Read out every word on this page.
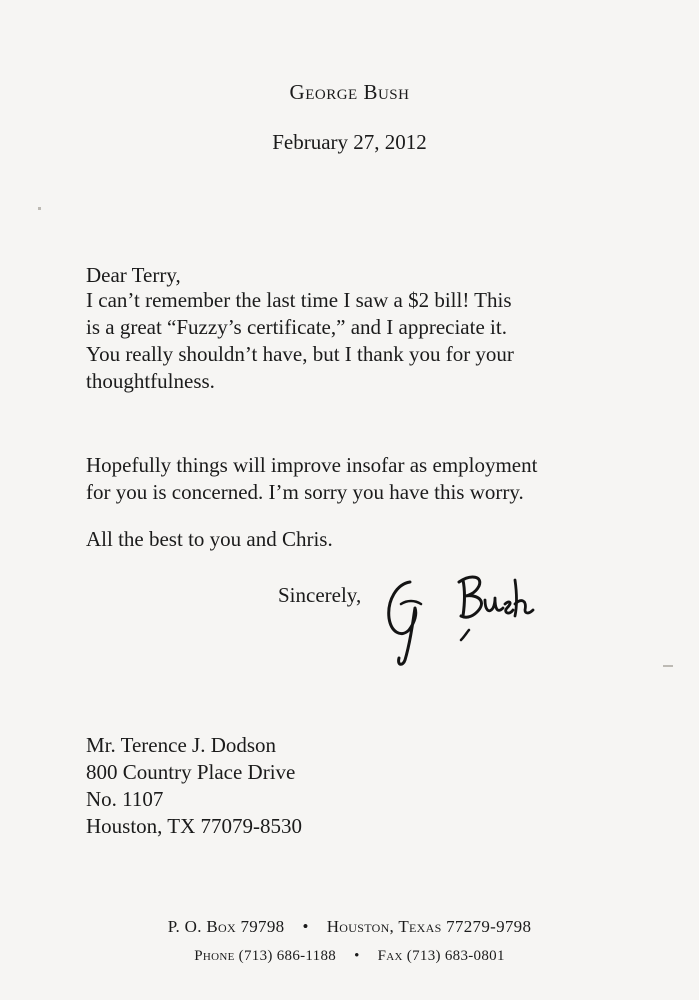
George Bush
February 27, 2012
Dear Terry,

I can’t remember the last time I saw a $2 bill! This

is a great “Fuzzy’s certificate,” and I appreciate it.

You really shouldn’t have, but I thank you for your

thoughtfulness.

Hopefully things will improve insofar as employment

for you is concerned. I’m sorry you have this worry.

All the best to you and Chris.
Sincerely,
Mr. Terence J. Dodson
800 Country Place Drive
No. 1107
Houston, TX 77079-8530
P. O. Box 79798 • Houston, Texas 77279-9798
Phone (713) 686-1188 • Fax (713) 683-0801
